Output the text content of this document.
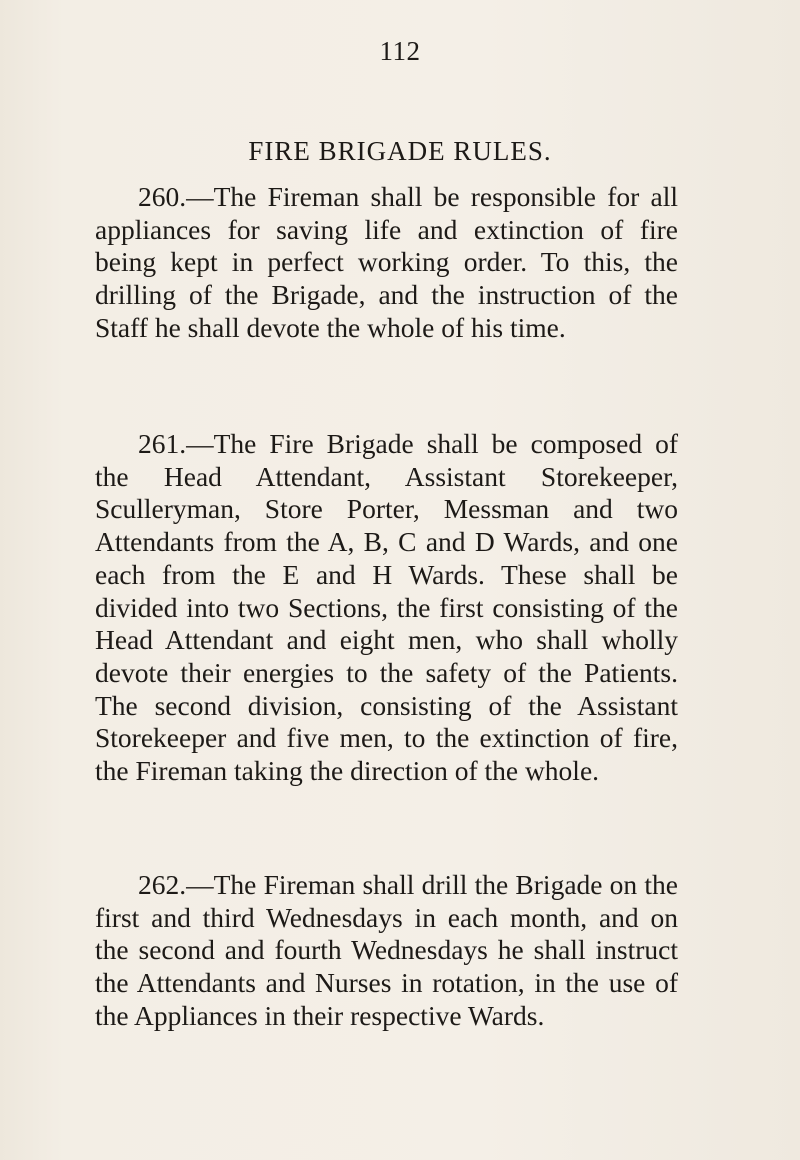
112
FIRE BRIGADE RULES.

260.—The Fireman shall be responsible for all appliances for saving life and extinction of fire being kept in perfect working order. To this, the drilling of the Brigade, and the instruction of the Staff he shall devote the whole of his time.

261.—The Fire Brigade shall be composed of the Head Attendant, Assistant Storekeeper, Sculleryman, Store Porter, Messman and two Attendants from the A, B, C and D Wards, and one each from the E and H Wards. These shall be divided into two Sections, the first consisting of the Head Attendant and eight men, who shall wholly devote their energies to the safety of the Patients. The second division, consisting of the Assistant Storekeeper and five men, to the extinction of fire, the Fireman taking the direction of the whole.

262.—The Fireman shall drill the Brigade on the first and third Wednesdays in each month, and on the second and fourth Wednesdays he shall instruct the Attendants and Nurses in rotation, in the use of the Appliances in their respective Wards.
